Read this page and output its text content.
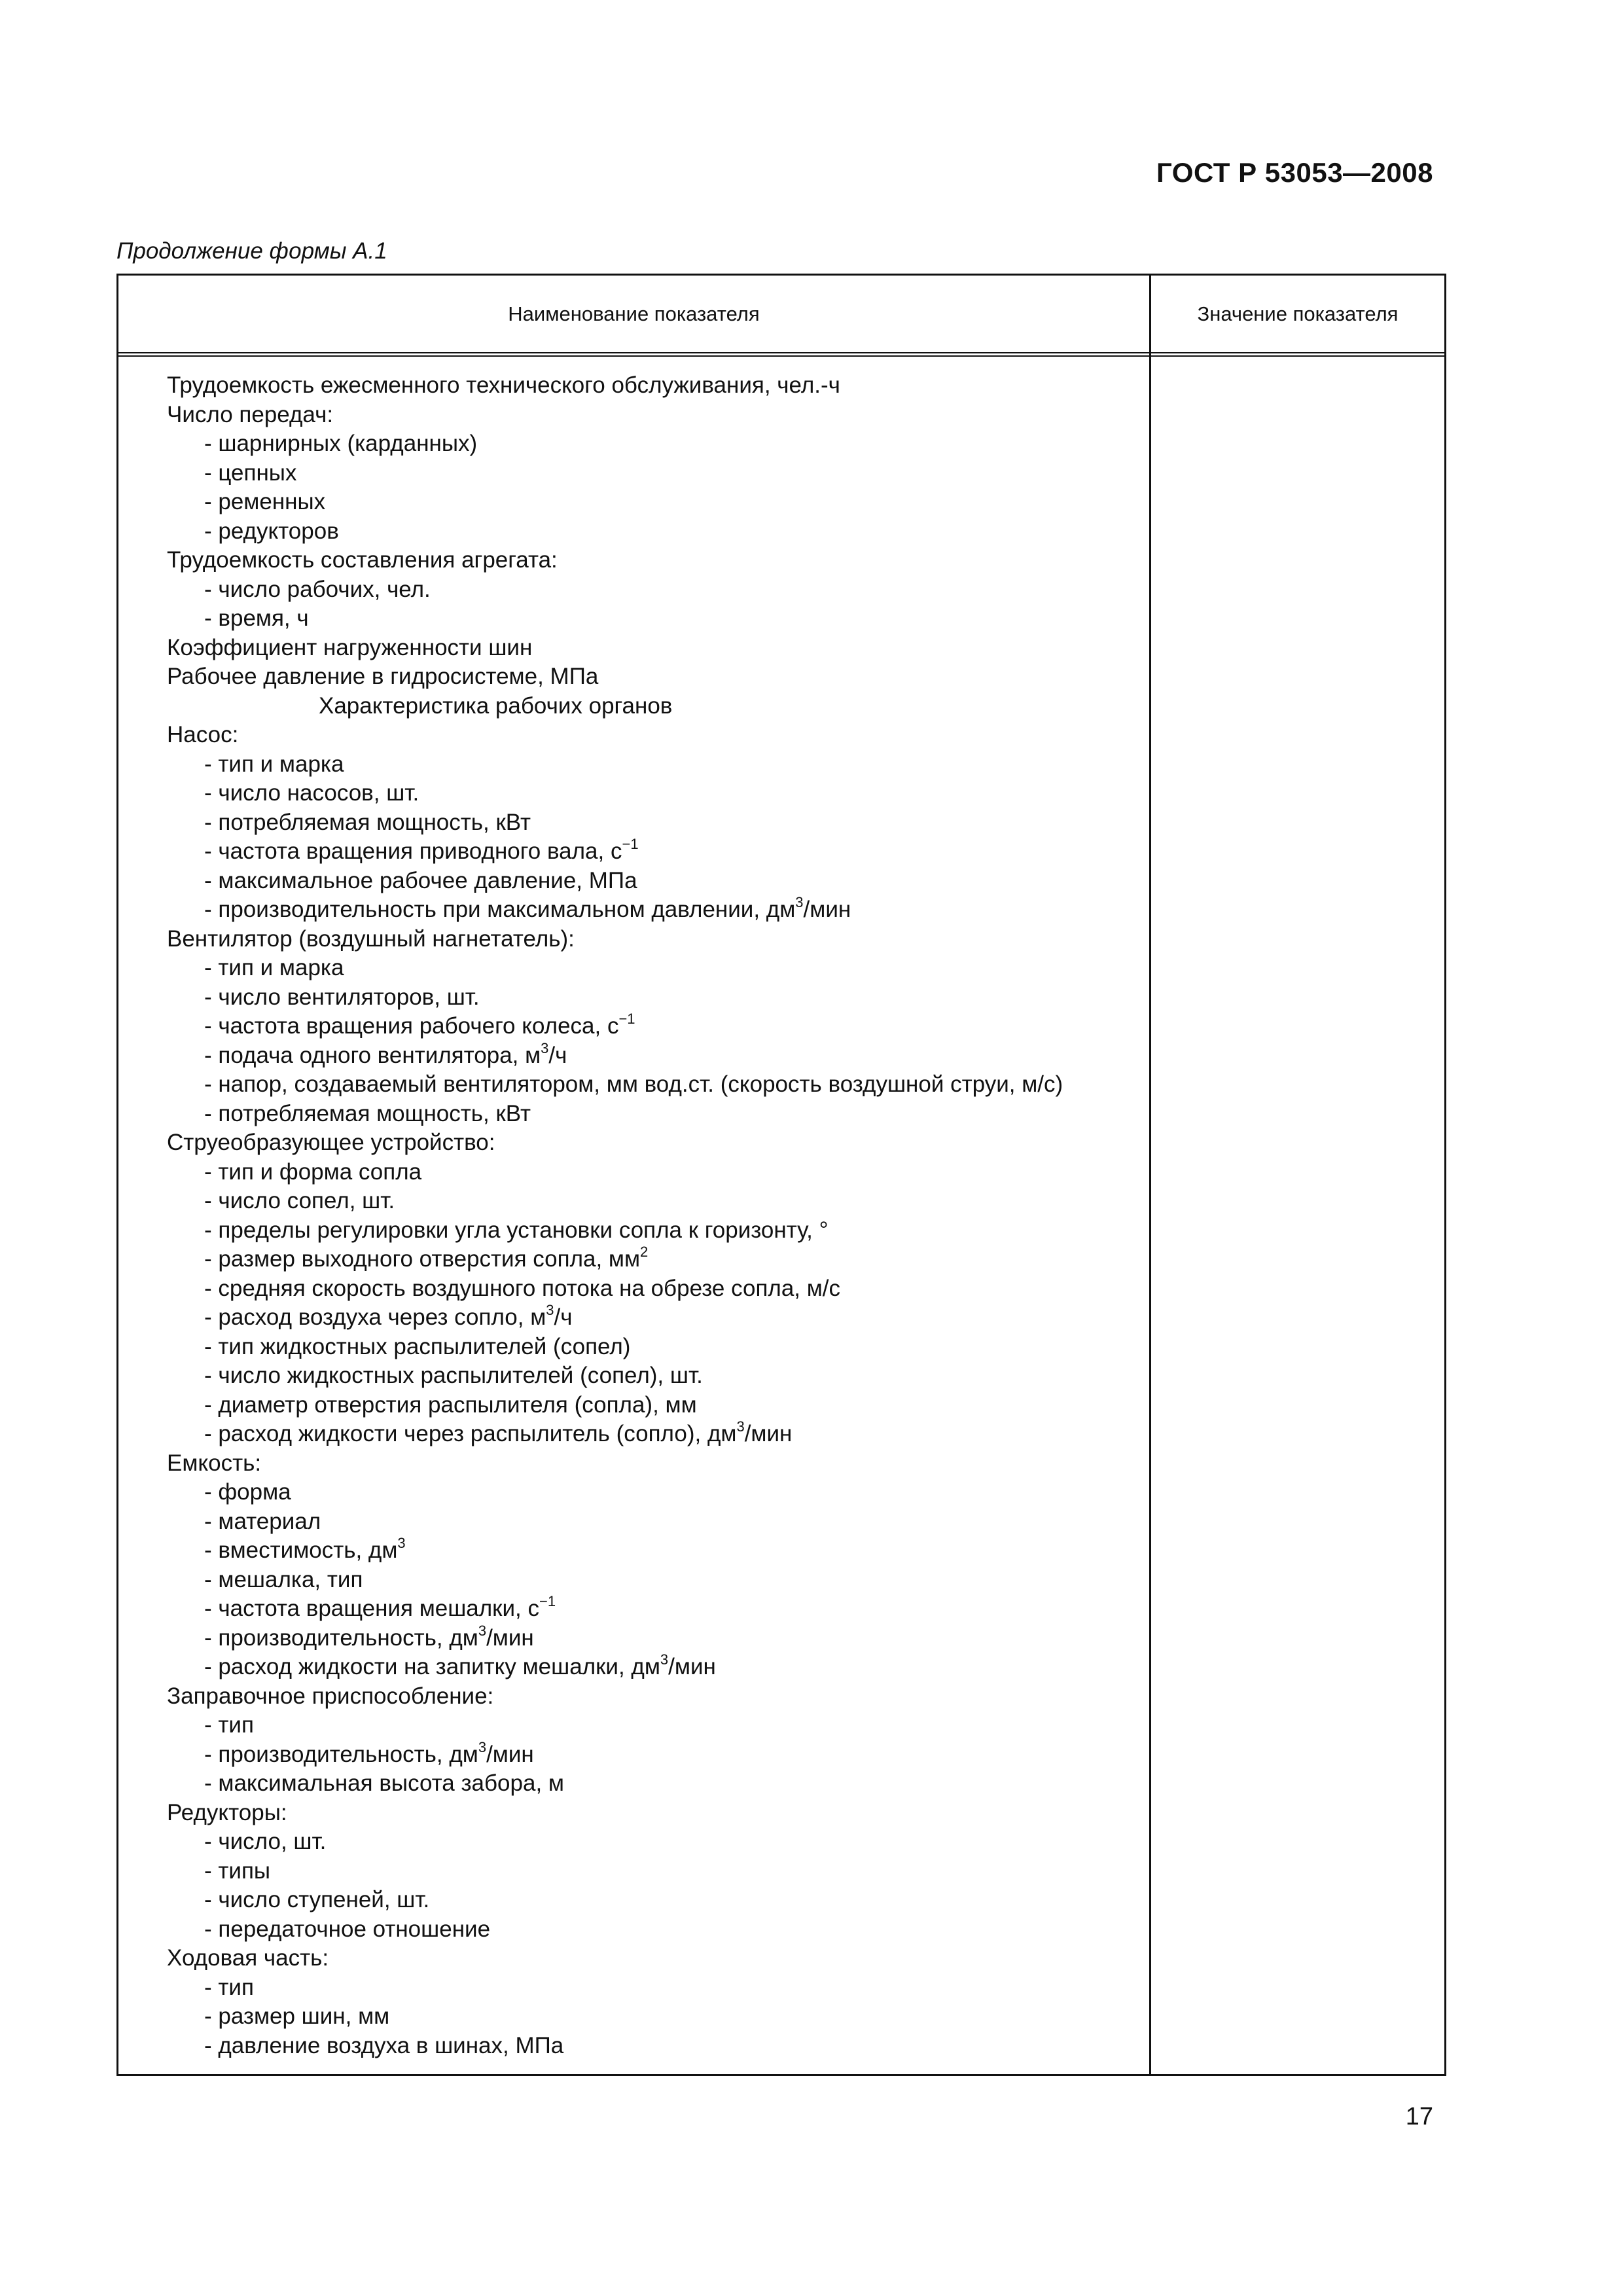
ГОСТ Р 53053—2008
Продолжение формы А.1
Наименование показателя	Значение показателя
Трудоемкость ежесменного технического обслуживания, чел.-ч
Число передач:
- шарнирных (карданных)
- цепных
- ременных
- редукторов
Трудоемкость составления агрегата:
- число рабочих, чел.
- время, ч
Коэффициент нагруженности шин
Рабочее давление в гидросистеме, МПа
Характеристика рабочих органов
Насос:
- тип и марка
- число насосов, шт.
- потребляемая мощность, кВт
- частота вращения приводного вала, $с^{-1}$
- максимальное рабочее давление, МПа
- производительность при максимальном давлении, $дм^3$/мин
Вентилятор (воздушный нагнетатель):
- тип и марка
- число вентиляторов, шт.
- частота вращения рабочего колеса, $с^{-1}$
- подача одного вентилятора, $м^3/ч$
- напор, создаваемый вентилятором, мм вод.ст. (скорость воздушной струи, м/с)
- потребляемая мощность, кВт
Струеобразующее устройство:
- тип и форма сопла
- число сопел, шт.
- пределы регулировки угла установки сопла к горизонту, °
- размер выходного отверстия сопла, $мм^2$
- средняя скорость воздушного потока на обрезе сопла, м/с
- расход воздуха через сопло, $м^3/ч$
- тип жидкостных распылителей (сопел)
- число жидкостных распылителей (сопел), шт.
- диаметр отверстия распылителя (сопла), мм
- расход жидкости через распылитель (сопло), $дм^3$/мин
Емкость:
- форма
- материал
- вместимость, $дм^3$
- мешалка, тип
- частота вращения мешалки, $с^{-1}$
- производительность, $дм^3$/мин
- расход жидкости на запитку мешалки, $дм^3$/мин
Заправочное приспособление:
- тип
- производительность, $дм^3$/мин
- максимальная высота забора, м
Редукторы:
- число, шт.
- типы
- число ступеней, шт.
- передаточное отношение
Ходовая часть:
- тип
- размер шин, мм
- давление воздуха в шинах, МПа
17
